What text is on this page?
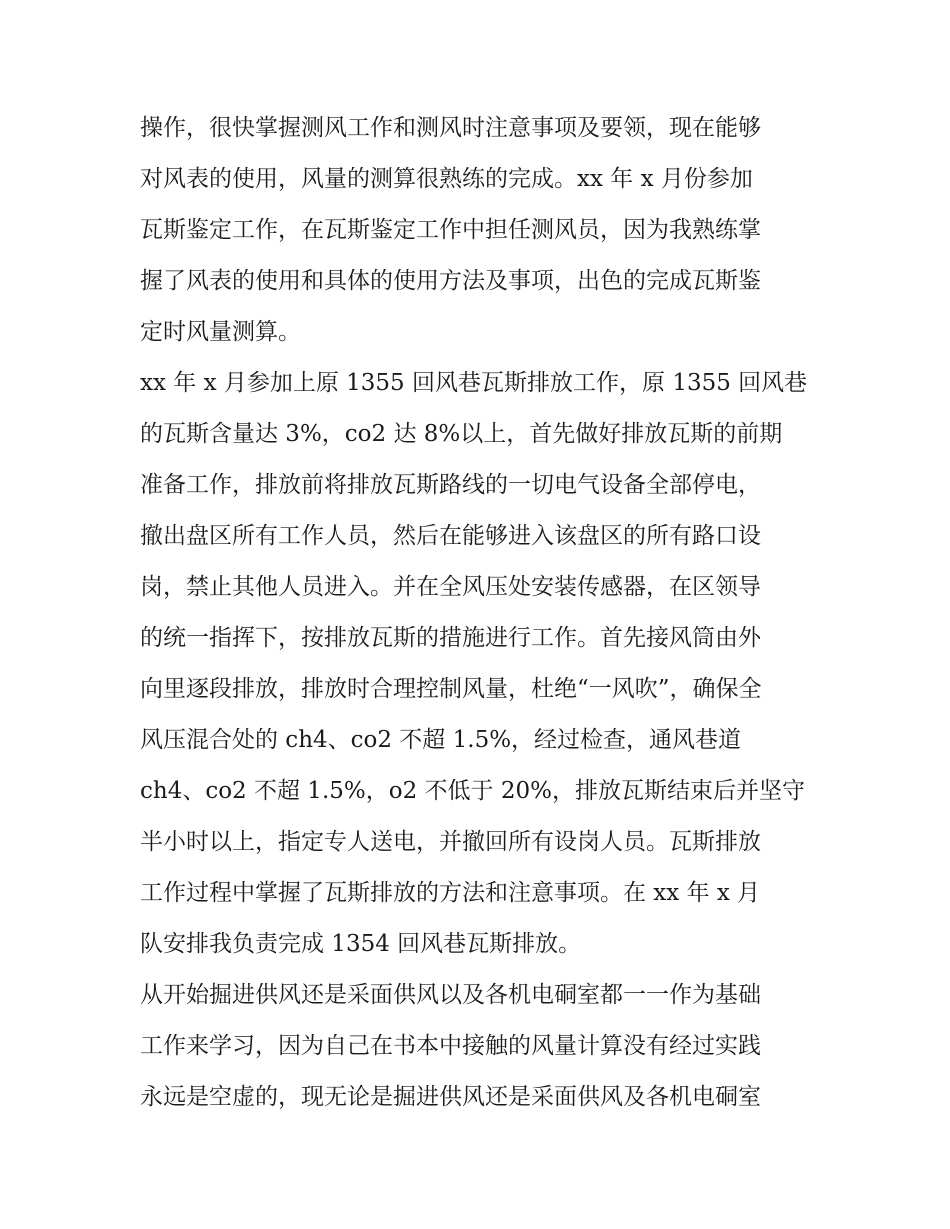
操作，很快掌握测风工作和测风时注意事项及要领，现在能够
对风表的使用，风量的测算很熟练的完成。xx 年 x 月份参加
瓦斯鉴定工作，在瓦斯鉴定工作中担任测风员，因为我熟练掌
握了风表的使用和具体的使用方法及事项，出色的完成瓦斯鉴
定时风量测算。
xx 年 x 月参加上原 1355 回风巷瓦斯排放工作，原 1355 回风巷
的瓦斯含量达 3%，co2 达 8%以上，首先做好排放瓦斯的前期
准备工作，排放前将排放瓦斯路线的一切电气设备全部停电，
撤出盘区所有工作人员，然后在能够进入该盘区的所有路口设
岗，禁止其他人员进入。并在全风压处安装传感器，在区领导
的统一指挥下，按排放瓦斯的措施进行工作。首先接风筒由外
向里逐段排放，排放时合理控制风量，杜绝“一风吹”，确保全
风压混合处的 ch4、co2 不超 1.5%，经过检查，通风巷道
ch4、co2 不超 1.5%，o2 不低于 20%，排放瓦斯结束后并坚守
半小时以上，指定专人送电，并撤回所有设岗人员。瓦斯排放
工作过程中掌握了瓦斯排放的方法和注意事项。在 xx 年 x 月
队安排我负责完成 1354 回风巷瓦斯排放。
从开始掘进供风还是采面供风以及各机电硐室都一一作为基础
工作来学习，因为自己在书本中接触的风量计算没有经过实践
永远是空虚的，现无论是掘进供风还是采面供风及各机电硐室
